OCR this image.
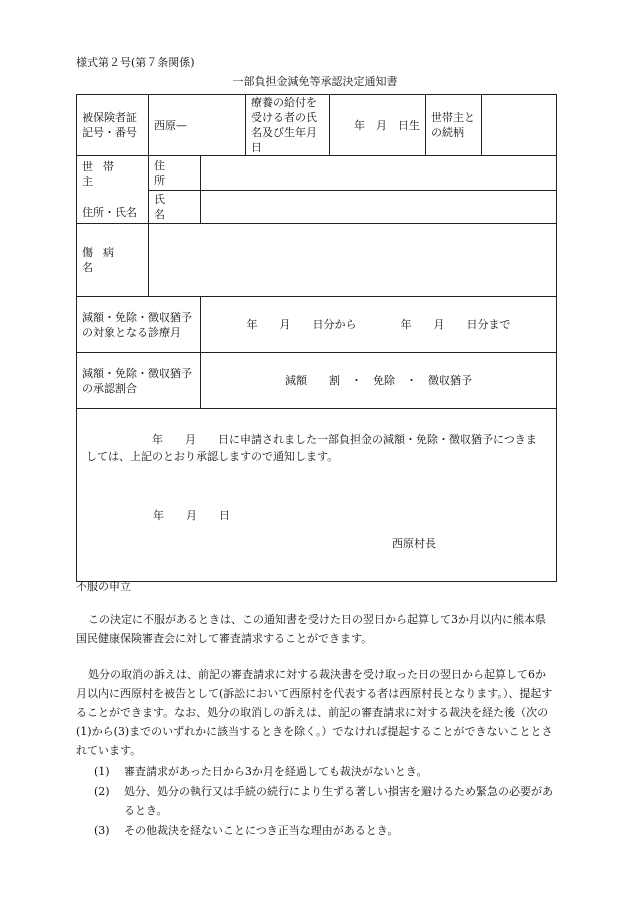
様式第２号(第７条関係)
一部負担金減免等承認決定通知書
被保険者証記号・番号	西原—		療養の給付を受ける者の氏名及び生年月日	年　月　日生	世帯主との続柄	

世帯主
住所・氏名	住所					
	氏名					
傷病名						
減額・免除・徴収猶予の対象となる診療月		年　　月　　日分から　　　　年　　月　　日分まで				
減額・免除・徴収猶予の承認割合		減額　　割　・　免除　・　徴収猶予				

　　　　　　年　　月　　日に申請されました一部負担金の減額・免除・徴収猶予につきましては、上記のとおり承認しますので通知します。
年　　月　　日
西原村長						
不服の申立
この決定に不服があるときは、この通知書を受けた日の翌日から起算して3か月以内に熊本県国民健康保険審査会に対して審査請求することができます。
処分の取消の訴えは、前記の審査請求に対する裁決書を受け取った日の翌日から起算して6か月以内に西原村を被告として(訴訟において西原村を代表する者は西原村長となります。）、提起することができます。なお、処分の取消しの訴えは、前記の審査請求に対する裁決を経た後（次の(1)から(3)までのいずれかに該当するときを除く。）でなければ提起することができないこととされています。
(1) 審査請求があった日から3か月を経過しても裁決がないとき。
(2)	処分、処分の執行又は手続の続行により生ずる著しい損害を避けるため緊急の必要があるとき。
(3) その他裁決を経ないことにつき正当な理由があるとき。
